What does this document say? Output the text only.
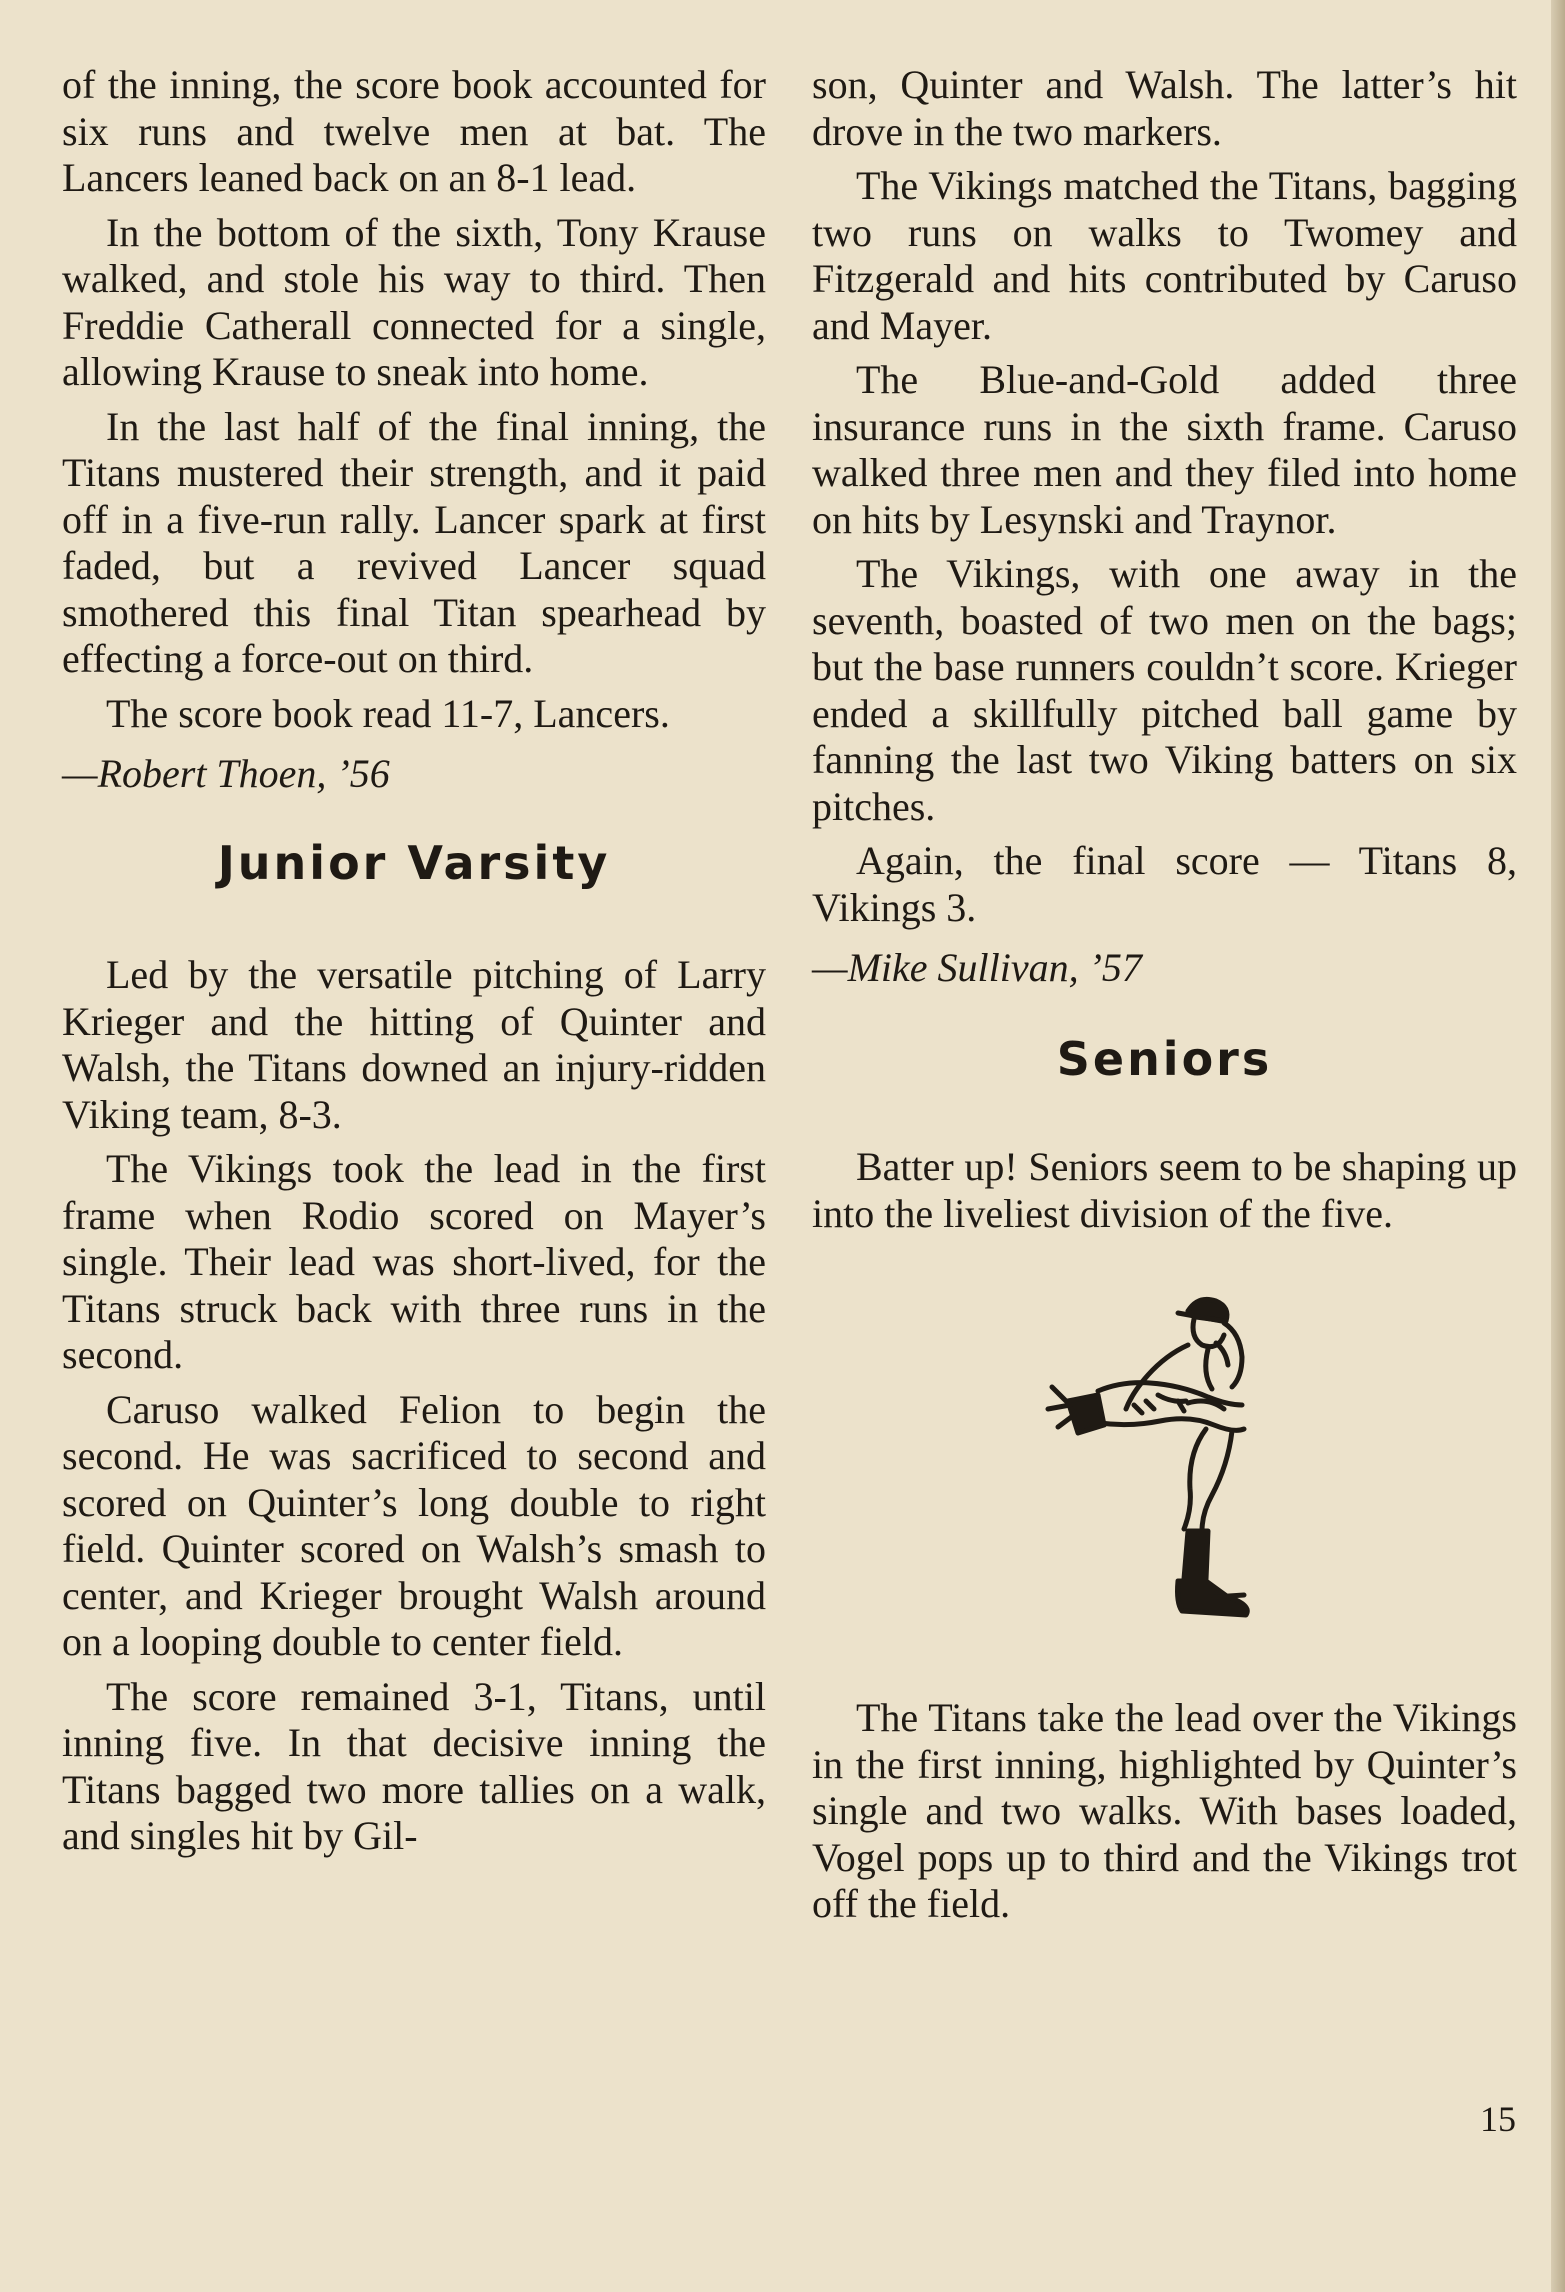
of the inning, the score book accounted for six runs and twelve men at bat. The Lancers leaned back on an 8-1 lead.

In the bottom of the sixth, Tony Krause walked, and stole his way to third. Then Freddie Catherall connected for a single, allowing Krause to sneak into home.

In the last half of the final inning, the Titans mustered their strength, and it paid off in a five-run rally. Lancer spark at first faded, but a revived Lancer squad smothered this final Titan spearhead by effecting a force-out on third.

The score book read 11-7, Lancers.

—Robert Thoen, ’56

Junior Varsity

Led by the versatile pitching of Larry Krieger and the hitting of Quinter and Walsh, the Titans downed an injury-ridden Viking team, 8-3.

The Vikings took the lead in the first frame when Rodio scored on Mayer’s single. Their lead was short-lived, for the Titans struck back with three runs in the second.

Caruso walked Felion to begin the second. He was sacrificed to second and scored on Quinter’s long double to right field. Quinter scored on Walsh’s smash to center, and Krieger brought Walsh around on a looping double to center field.

The score remained 3-1, Titans, until inning five. In that decisive inning the Titans bagged two more tallies on a walk, and singles hit by Gil-

son, Quinter and Walsh. The latter’s hit drove in the two markers.

The Vikings matched the Titans, bagging two runs on walks to Twomey and Fitzgerald and hits contributed by Caruso and Mayer.

The Blue-and-Gold added three insurance runs in the sixth frame. Caruso walked three men and they filed into home on hits by Lesynski and Traynor.

The Vikings, with one away in the seventh, boasted of two men on the bags; but the base runners couldn’t score. Krieger ended a skillfully pitched ball game by fanning the last two Viking batters on six pitches.

Again, the final score — Titans 8, Vikings 3.

—Mike Sullivan, ’57

Seniors

Batter up! Seniors seem to be shaping up into the liveliest division of the five.

The Titans take the lead over the Vikings in the first inning, highlighted by Quinter’s single and two walks. With bases loaded, Vogel pops up to third and the Vikings trot off the field.

15
